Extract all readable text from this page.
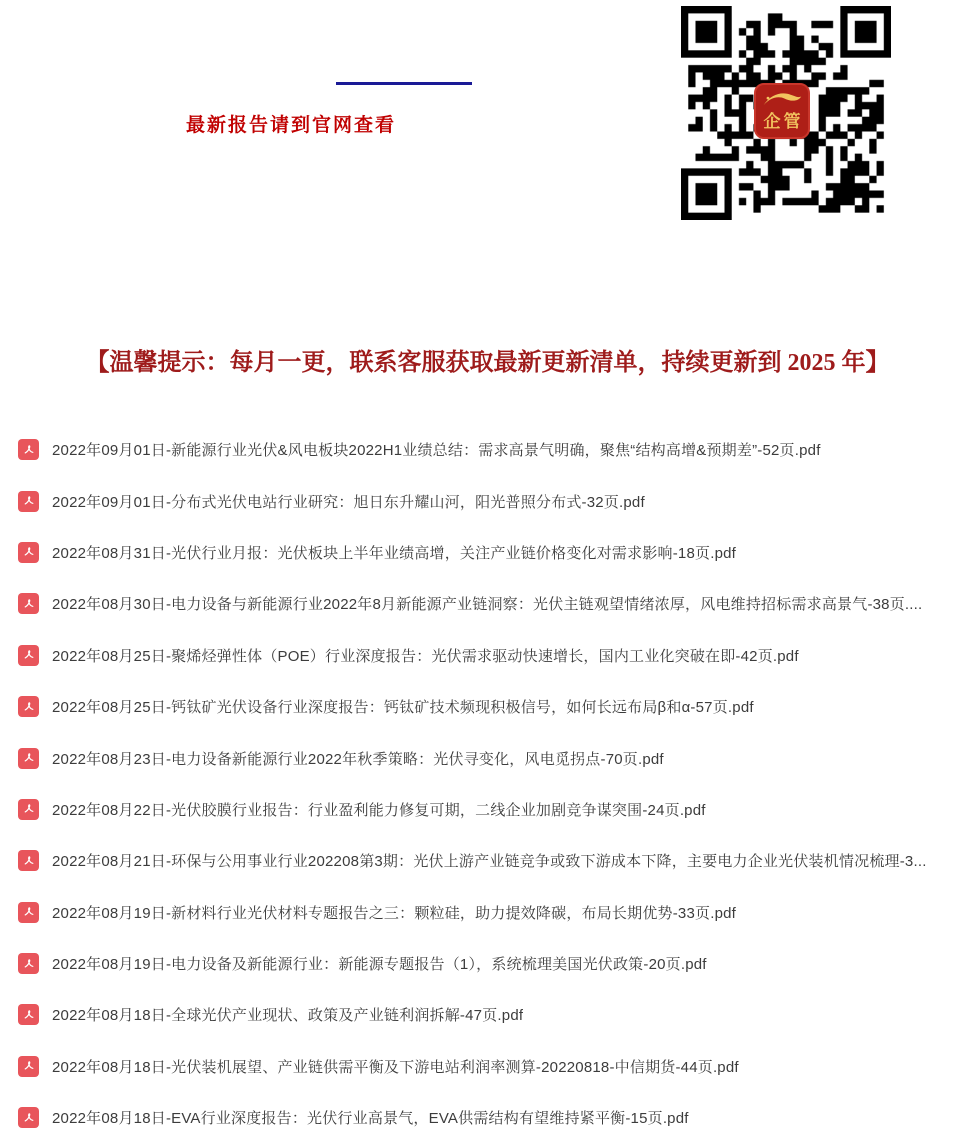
最新报告请到官网查看	企管
【温馨提示：每月一更，联系客服获取最新更新清单，持续更新到 2025 年】
2022年09月01日-新能源行业光伏&风电板块2022H1业绩总结：需求高景气明确，聚焦“结构高增&预期差”-52页.pdf
2022年09月01日-分布式光伏电站行业研究：旭日东升耀山河，阳光普照分布式-32页.pdf
2022年08月31日-光伏行业月报：光伏板块上半年业绩高增，关注产业链价格变化对需求影响-18页.pdf
2022年08月30日-电力设备与新能源行业2022年8月新能源产业链洞察：光伏主链观望情绪浓厚，风电维持招标需求高景气-38页....
2022年08月25日-聚烯烃弹性体（POE）行业深度报告：光伏需求驱动快速增长，国内工业化突破在即-42页.pdf
2022年08月25日-钙钛矿光伏设备行业深度报告：钙钛矿技术频现积极信号，如何长远布局β和α-57页.pdf
2022年08月23日-电力设备新能源行业2022年秋季策略：光伏寻变化，风电觅拐点-70页.pdf
2022年08月22日-光伏胶膜行业报告：行业盈利能力修复可期，二线企业加剧竞争谋突围-24页.pdf
2022年08月21日-环保与公用事业行业202208第3期：光伏上游产业链竞争或致下游成本下降，主要电力企业光伏装机情况梳理-3...
2022年08月19日-新材料行业光伏材料专题报告之三：颗粒硅，助力提效降碳，布局长期优势-33页.pdf
2022年08月19日-电力设备及新能源行业：新能源专题报告（1），系统梳理美国光伏政策-20页.pdf
2022年08月18日-全球光伏产业现状、政策及产业链利润拆解-47页.pdf
2022年08月18日-光伏装机展望、产业链供需平衡及下游电站利润率测算-20220818-中信期货-44页.pdf
2022年08月18日-EVA行业深度报告：光伏行业高景气，EVA供需结构有望维持紧平衡-15页.pdf
